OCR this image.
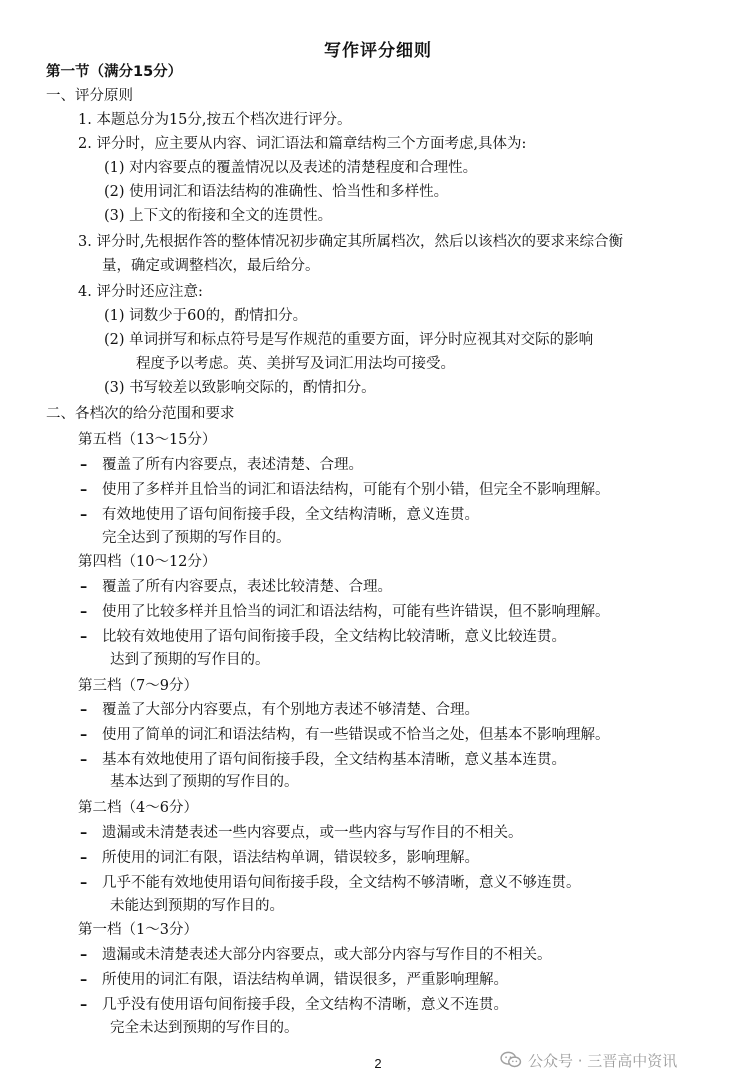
写作评分细则
第一节（满分15分）
一、评分原则
1. 本题总分为15分,按五个档次进行评分。
2. 评分时，应主要从内容、词汇语法和篇章结构三个方面考虑,具体为:
(1) 对内容要点的覆盖情况以及表述的清楚程度和合理性。
(2) 使用词汇和语法结构的准确性、恰当性和多样性。
(3) 上下文的衔接和全文的连贯性。
3. 评分时,先根据作答的整体情况初步确定其所属档次，然后以该档次的要求来综合衡
量，确定或调整档次，最后给分。
4. 评分时还应注意:
(1) 词数少于60的，酌情扣分。
(2) 单词拼写和标点符号是写作规范的重要方面，评分时应视其对交际的影响
程度予以考虑。英、美拼写及词汇用法均可接受。
(3) 书写较差以致影响交际的，酌情扣分。
二、各档次的给分范围和要求
第五档（13～15分）
– 覆盖了所有内容要点，表述清楚、合理。
– 使用了多样并且恰当的词汇和语法结构，可能有个别小错，但完全不影响理解。
– 有效地使用了语句间衔接手段，全文结构清晰，意义连贯。
完全达到了预期的写作目的。
第四档（10～12分）
– 覆盖了所有内容要点，表述比较清楚、合理。
– 使用了比较多样并且恰当的词汇和语法结构，可能有些许错误，但不影响理解。
– 比较有效地使用了语句间衔接手段，全文结构比较清晰，意义比较连贯。
达到了预期的写作目的。
第三档（7～9分）
– 覆盖了大部分内容要点，有个别地方表述不够清楚、合理。
– 使用了简单的词汇和语法结构，有一些错误或不恰当之处，但基本不影响理解。
– 基本有效地使用了语句间衔接手段，全文结构基本清晰，意义基本连贯。
基本达到了预期的写作目的。
第二档（4～6分）
– 遗漏或未清楚表述一些内容要点，或一些内容与写作目的不相关。
– 所使用的词汇有限，语法结构单调，错误较多，影响理解。
– 几乎不能有效地使用语句间衔接手段，全文结构不够清晰，意义不够连贯。
未能达到预期的写作目的。
第一档（1～3分）
– 遗漏或未清楚表述大部分内容要点，或大部分内容与写作目的不相关。
– 所使用的词汇有限，语法结构单调，错误很多，严重影响理解。
– 几乎没有使用语句间衔接手段，全文结构不清晰，意义不连贯。
完全未达到预期的写作目的。
2	公众号 · 三晋高中资讯
